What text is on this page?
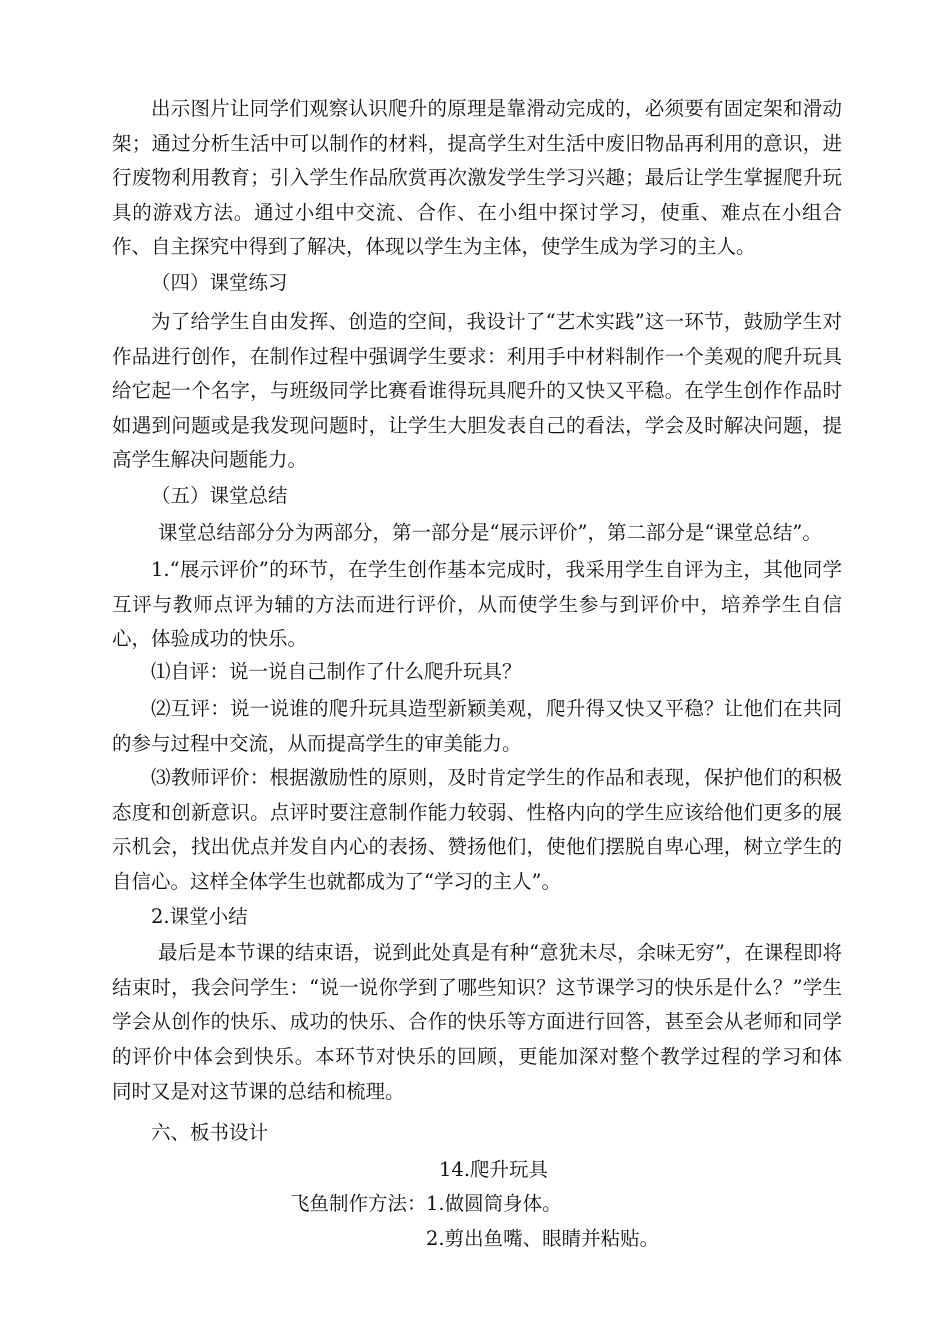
出示图片让同学们观察认识爬升的原理是靠滑动完成的，必须要有固定架和滑动架；通过分析生活中可以制作的材料，提高学生对生活中废旧物品再利用的意识，进行废物利用教育；引入学生作品欣赏再次激发学生学习兴趣；最后让学生掌握爬升玩具的游戏方法。通过小组中交流、合作、在小组中探讨学习，使重、难点在小组合作、自主探究中得到了解决，体现以学生为主体，使学生成为学习的主人。

（四）课堂练习

为了给学生自由发挥、创造的空间，我设计了“艺术实践”这一环节，鼓励学生对作品进行创作，在制作过程中强调学生要求：利用手中材料制作一个美观的爬升玩具给它起一个名字，与班级同学比赛看谁得玩具爬升的又快又平稳。在学生创作作品时如遇到问题或是我发现问题时，让学生大胆发表自己的看法，学会及时解决问题，提高学生解决问题能力。

（五）课堂总结

课堂总结部分分为两部分，第一部分是“展示评价”，第二部分是“课堂总结”。

1.“展示评价”的环节，在学生创作基本完成时，我采用学生自评为主，其他同学互评与教师点评为辅的方法而进行评价，从而使学生参与到评价中，培养学生自信心，体验成功的快乐。

⑴自评：说一说自己制作了什么爬升玩具？

⑵互评：说一说谁的爬升玩具造型新颖美观，爬升得又快又平稳？让他们在共同的参与过程中交流，从而提高学生的审美能力。

⑶教师评价：根据激励性的原则，及时肯定学生的作品和表现，保护他们的积极态度和创新意识。点评时要注意制作能力较弱、性格内向的学生应该给他们更多的展示机会，找出优点并发自内心的表扬、赞扬他们，使他们摆脱自卑心理，树立学生的自信心。这样全体学生也就都成为了“学习的主人”。

2.课堂小结

最后是本节课的结束语，说到此处真是有种“意犹未尽，余味无穷”，在课程即将结束时，我会问学生：“说一说你学到了哪些知识？这节课学习的快乐是什么？”学生学会从创作的快乐、成功的快乐、合作的快乐等方面进行回答，甚至会从老师和同学的评价中体会到快乐。本环节对快乐的回顾，更能加深对整个教学过程的学习和体

同时又是对这节课的总结和梳理。

六、板书设计

14.爬升玩具

飞鱼制作方法： 1.做圆筒身体。

2.剪出鱼嘴、眼睛并粘贴。
